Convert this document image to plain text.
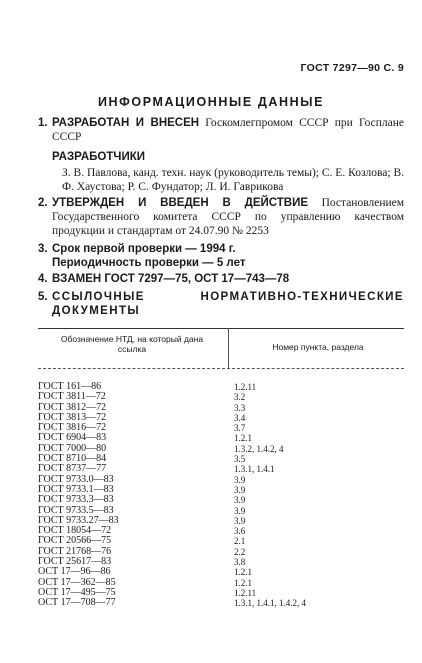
ГОСТ 7297—90 С. 9
ИНФОРМАЦИОННЫЕ ДАННЫЕ
1. РАЗРАБОТАН И ВНЕСЕН Госкомлегпромом СССР при Госплане СССР
РАЗРАБОТЧИКИ
З. В. Павлова, канд. техн. наук (руководитель темы); С. Е. Козлова; В. Ф. Хаустова; Р. С. Фундатор; Л. И. Гаврикова
2. УТВЕРЖДЕН И ВВЕДЕН В ДЕЙСТВИЕ Постановлением Государственного комитета СССР по управлению качеством продукции и стандартам от 24.07.90 № 2253
3. Срок первой проверки — 1994 г.
Периодичность проверки — 5 лет
4. ВЗАМЕН ГОСТ 7297—75, ОСТ 17—743—78
5. ССЫЛОЧНЫЕ НОРМАТИВНО-ТЕХНИЧЕСКИЕ ДОКУМЕНТЫ
Обозначение НТД, на который дана ссылка	Номер пункта, раздела
ГОСТ 161—86	1.2.11
ГОСТ 3811—72	3.2
ГОСТ 3812—72	3.3
ГОСТ 3813—72	3.4
ГОСТ 3816—72	3.7
ГОСТ 6904—83	1.2.1
ГОСТ 7000—80	1.3.2, 1.4.2, 4
ГОСТ 8710—84	3.5
ГОСТ 8737—77	1.3.1, 1.4.1
ГОСТ 9733.0—83	3.9
ГОСТ 9733.1—83	3.9
ГОСТ 9733.3—83	3.9
ГОСТ 9733.5—83	3.9
ГОСТ 9733.27—83	3.9
ГОСТ 18054—72	3.6
ГОСТ 20566—75	2.1
ГОСТ 21768—76	2.2
ГОСТ 25617—83	3.8
ОСТ 17—96—86	1.2.1
ОСТ 17—362—85	1.2.1
ОСТ 17—495—75	1.2.11
ОСТ 17—708—77	1.3.1, 1.4.1, 1.4.2, 4
